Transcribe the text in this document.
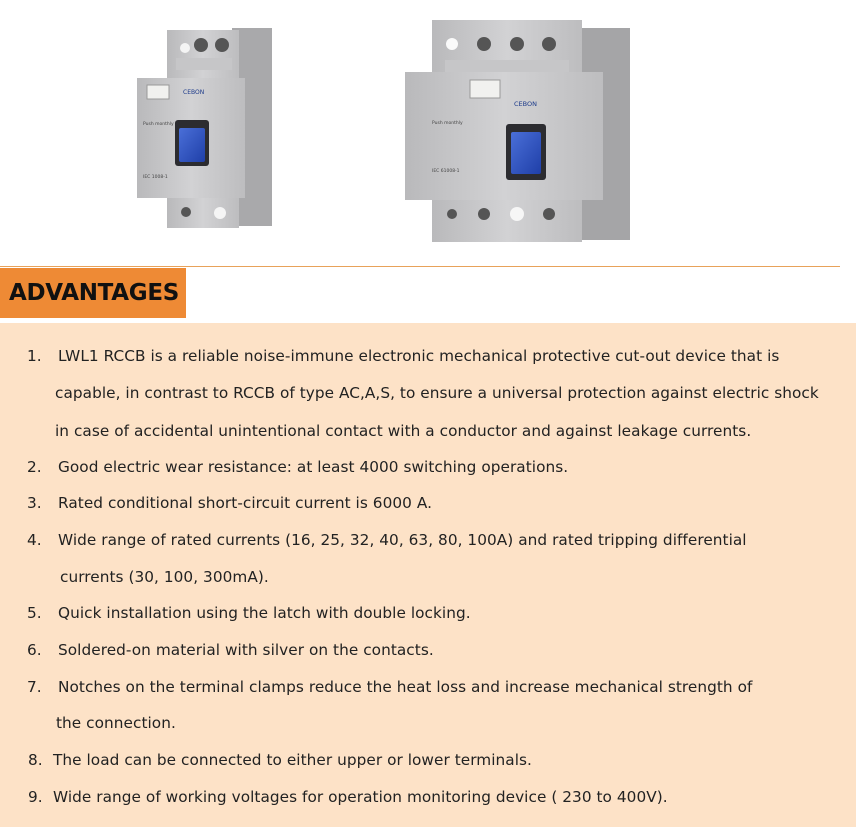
CEBON
Push monthly
IEC 1008-1
CEBON
Push monthly
IEC 61008-1
ADVANTAGES
1. LWL1 RCCB is a reliable noise-immune electronic mechanical protective cut-out device that is
capable, in contrast to RCCB of type AC,A,S, to ensure a universal protection against electric shock
in case of accidental unintentional contact with a conductor and against leakage currents.
2. Good electric wear resistance: at least 4000 switching operations.
3. Rated conditional short-circuit current is 6000 A.
4. Wide range of rated currents (16, 25, 32, 40, 63, 80, 100A) and rated tripping differential
currents (30, 100, 300mA).
5. Quick installation using the latch with double locking.
6. Soldered-on material with silver on the contacts.
7. Notches on the terminal clamps reduce the heat loss and increase mechanical strength of
the connection.
8. The load can be connected to either upper or lower terminals.
9. Wide range of working voltages for operation monitoring device ( 230 to 400V).
